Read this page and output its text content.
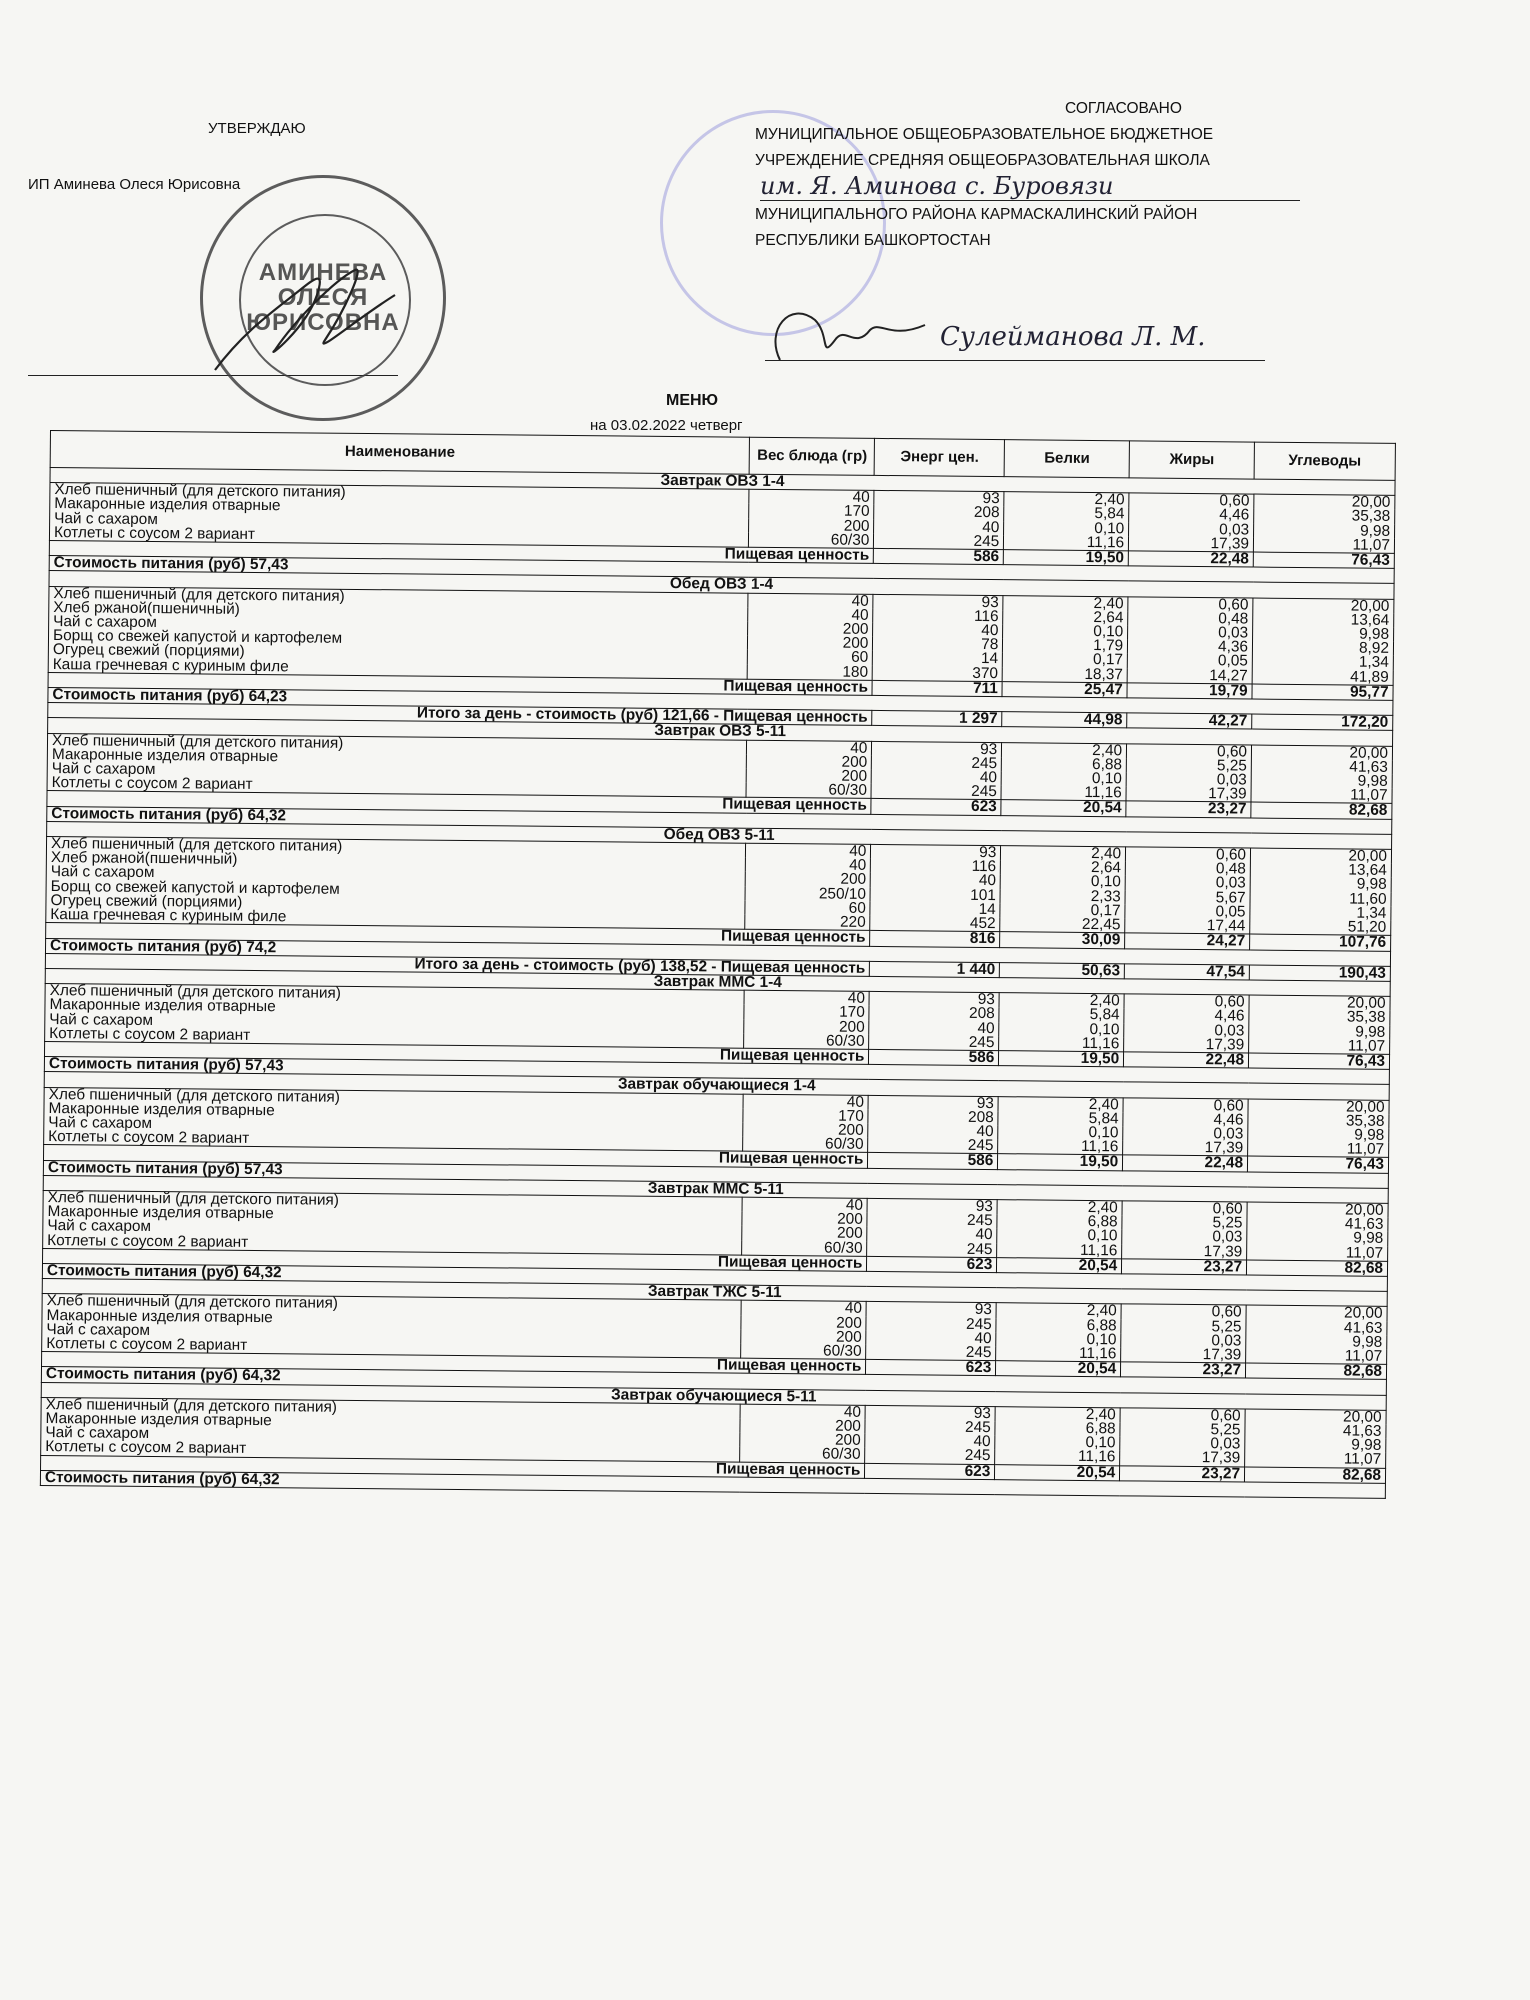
УТВЕРЖДАЮ
ИП Аминева Олеся Юрисовна
АМИНЕВА
ОЛЕСЯ
ЮРИСОВНА
СОГЛАСОВАНО
МУНИЦИПАЛЬНОЕ ОБЩЕОБРАЗОВАТЕЛЬНОЕ БЮДЖЕТНОЕ
УЧРЕЖДЕНИЕ СРЕДНЯЯ ОБЩЕОБРАЗОВАТЕЛЬНАЯ ШКОЛА
им. Я. Аминова с. Буровязи
МУНИЦИПАЛЬНОГО РАЙОНА КАРМАСКАЛИНСКИЙ РАЙОН
РЕСПУБЛИКИ БАШКОРТОСТАН
Сулейманова Л. М.
МЕНЮ
на 03.02.2022 четверг
Наименование	Вес блюда (гр)	Энерг цен.	Белки	Жиры	Углеводы
Завтрак ОВЗ 1-4					
Хлеб пшеничный (для детского питания)	40	93	2,40	0,60	20,00
Макаронные изделия отварные	170	208	5,84	4,46	35,38
Чай с сахаром	200	40	0,10	0,03	9,98
Котлеты с соусом 2 вариант	60/30	245	11,16	17,39	11,07
Пищевая ценность		586	19,50	22,48	76,43
Стоимость питания (руб) 57,43					
Обед ОВЗ 1-4					
Хлеб пшеничный (для детского питания)	40	93	2,40	0,60	20,00
Хлеб ржаной(пшеничный)	40	116	2,64	0,48	13,64
Чай с сахаром	200	40	0,10	0,03	9,98
Борщ со свежей капустой и картофелем	200	78	1,79	4,36	8,92
Огурец свежий (порциями)	60	14	0,17	0,05	1,34
Каша гречневая с куриным филе	180	370	18,37	14,27	41,89
Пищевая ценность		711	25,47	19,79	95,77
Стоимость питания (руб) 64,23					
Итого за день - стоимость (руб) 121,66 - Пищевая ценность		1 297	44,98	42,27	172,20
Завтрак ОВЗ 5-11					
Хлеб пшеничный (для детского питания)	40	93	2,40	0,60	20,00
Макаронные изделия отварные	200	245	6,88	5,25	41,63
Чай с сахаром	200	40	0,10	0,03	9,98
Котлеты с соусом 2 вариант	60/30	245	11,16	17,39	11,07
Пищевая ценность		623	20,54	23,27	82,68
Стоимость питания (руб) 64,32					
Обед ОВЗ 5-11					
Хлеб пшеничный (для детского питания)	40	93	2,40	0,60	20,00
Хлеб ржаной(пшеничный)	40	116	2,64	0,48	13,64
Чай с сахаром	200	40	0,10	0,03	9,98
Борщ со свежей капустой и картофелем	250/10	101	2,33	5,67	11,60
Огурец свежий (порциями)	60	14	0,17	0,05	1,34
Каша гречневая с куриным филе	220	452	22,45	17,44	51,20
Пищевая ценность		816	30,09	24,27	107,76
Стоимость питания (руб) 74,2					
Итого за день - стоимость (руб) 138,52 - Пищевая ценность		1 440	50,63	47,54	190,43
Завтрак ММС 1-4					
Хлеб пшеничный (для детского питания)	40	93	2,40	0,60	20,00
Макаронные изделия отварные	170	208	5,84	4,46	35,38
Чай с сахаром	200	40	0,10	0,03	9,98
Котлеты с соусом 2 вариант	60/30	245	11,16	17,39	11,07
Пищевая ценность		586	19,50	22,48	76,43
Стоимость питания (руб) 57,43					
Завтрак обучающиеся 1-4					
Хлеб пшеничный (для детского питания)	40	93	2,40	0,60	20,00
Макаронные изделия отварные	170	208	5,84	4,46	35,38
Чай с сахаром	200	40	0,10	0,03	9,98
Котлеты с соусом 2 вариант	60/30	245	11,16	17,39	11,07
Пищевая ценность		586	19,50	22,48	76,43
Стоимость питания (руб) 57,43					
Завтрак ММС 5-11					
Хлеб пшеничный (для детского питания)	40	93	2,40	0,60	20,00
Макаронные изделия отварные	200	245	6,88	5,25	41,63
Чай с сахаром	200	40	0,10	0,03	9,98
Котлеты с соусом 2 вариант	60/30	245	11,16	17,39	11,07
Пищевая ценность		623	20,54	23,27	82,68
Стоимость питания (руб) 64,32					
Завтрак ТЖС 5-11					
Хлеб пшеничный (для детского питания)	40	93	2,40	0,60	20,00
Макаронные изделия отварные	200	245	6,88	5,25	41,63
Чай с сахаром	200	40	0,10	0,03	9,98
Котлеты с соусом 2 вариант	60/30	245	11,16	17,39	11,07
Пищевая ценность		623	20,54	23,27	82,68
Стоимость питания (руб) 64,32					
Завтрак обучающиеся 5-11					
Хлеб пшеничный (для детского питания)	40	93	2,40	0,60	20,00
Макаронные изделия отварные	200	245	6,88	5,25	41,63
Чай с сахаром	200	40	0,10	0,03	9,98
Котлеты с соусом 2 вариант	60/30	245	11,16	17,39	11,07
Пищевая ценность		623	20,54	23,27	82,68
Стоимость питания (руб) 64,32					
